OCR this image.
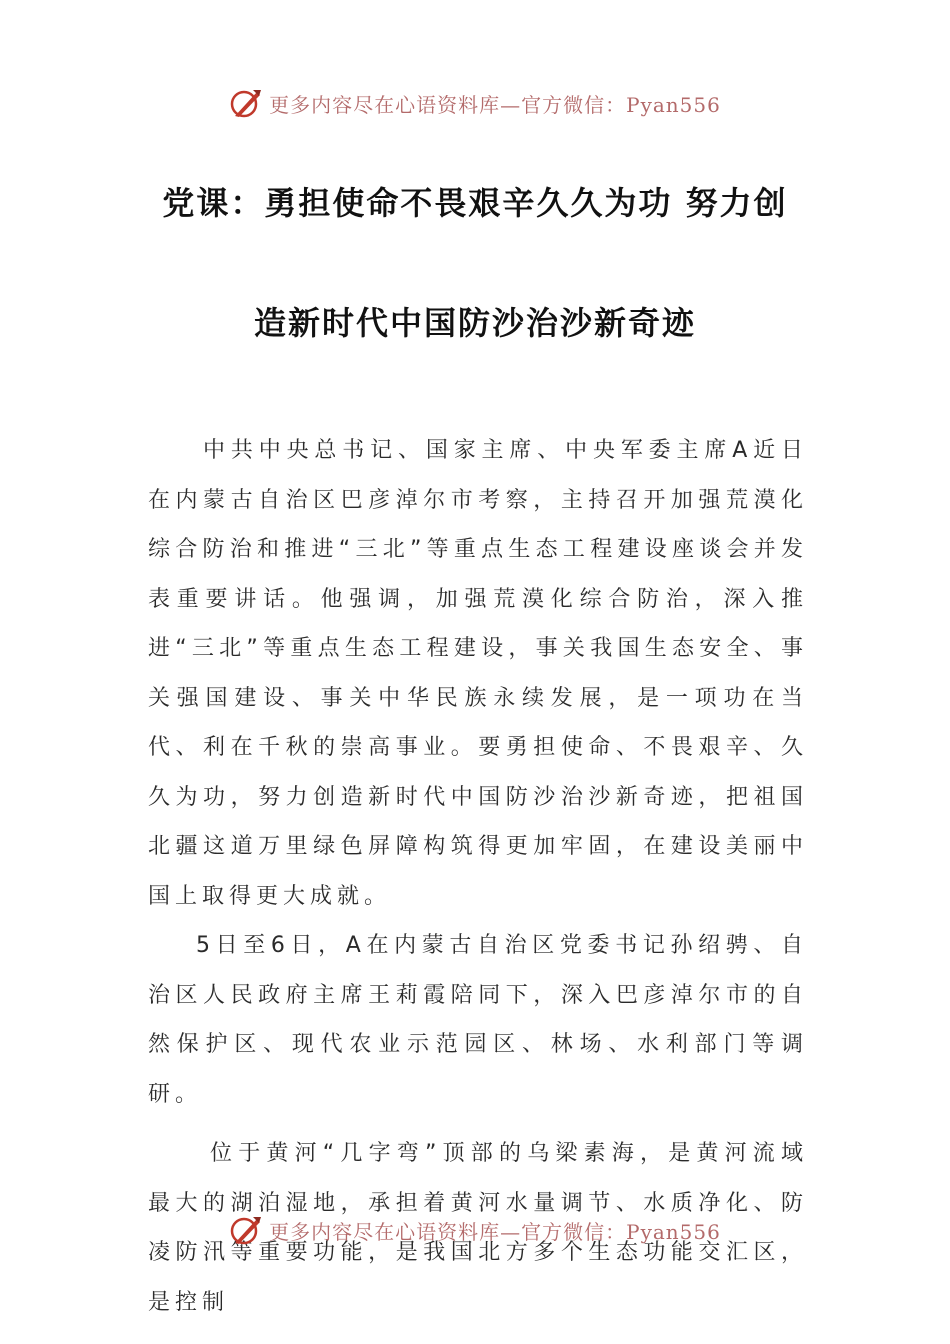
更多内容尽在心语资料库—官方微信：Pyan556
党课：勇担使命不畏艰辛久久为功 努力创
造新时代中国防沙治沙新奇迹

中共中央总书记、国家主席、中央军委主席A近日在内蒙古自治区巴彦淖尔市考察，主持召开加强荒漠化综合防治和推进“三北”等重点生态工程建设座谈会并发表重要讲话。他强调，加强荒漠化综合防治，深入推进“三北”等重点生态工程建设，事关我国生态安全、事关强国建设、事关中华民族永续发展，是一项功在当代、利在千秋的崇高事业。要勇担使命、不畏艰辛、久久为功，努力创造新时代中国防沙治沙新奇迹，把祖国北疆这道万里绿色屏障构筑得更加牢固，在建设美丽中国上取得更大成就。

5日至6日，A在内蒙古自治区党委书记孙绍骋、自治区人民政府主席王莉霞陪同下，深入巴彦淖尔市的自然保护区、现代农业示范园区、林场、水利部门等调研。

位于黄河“几字弯”顶部的乌梁素海，是黄河流域最大的湖泊湿地，承担着黄河水量调节、水质净化、防凌防汛等重要功能，是我国北方多个生态功能交汇区，是控制

更多内容尽在心语资料库—官方微信：Pyan556
